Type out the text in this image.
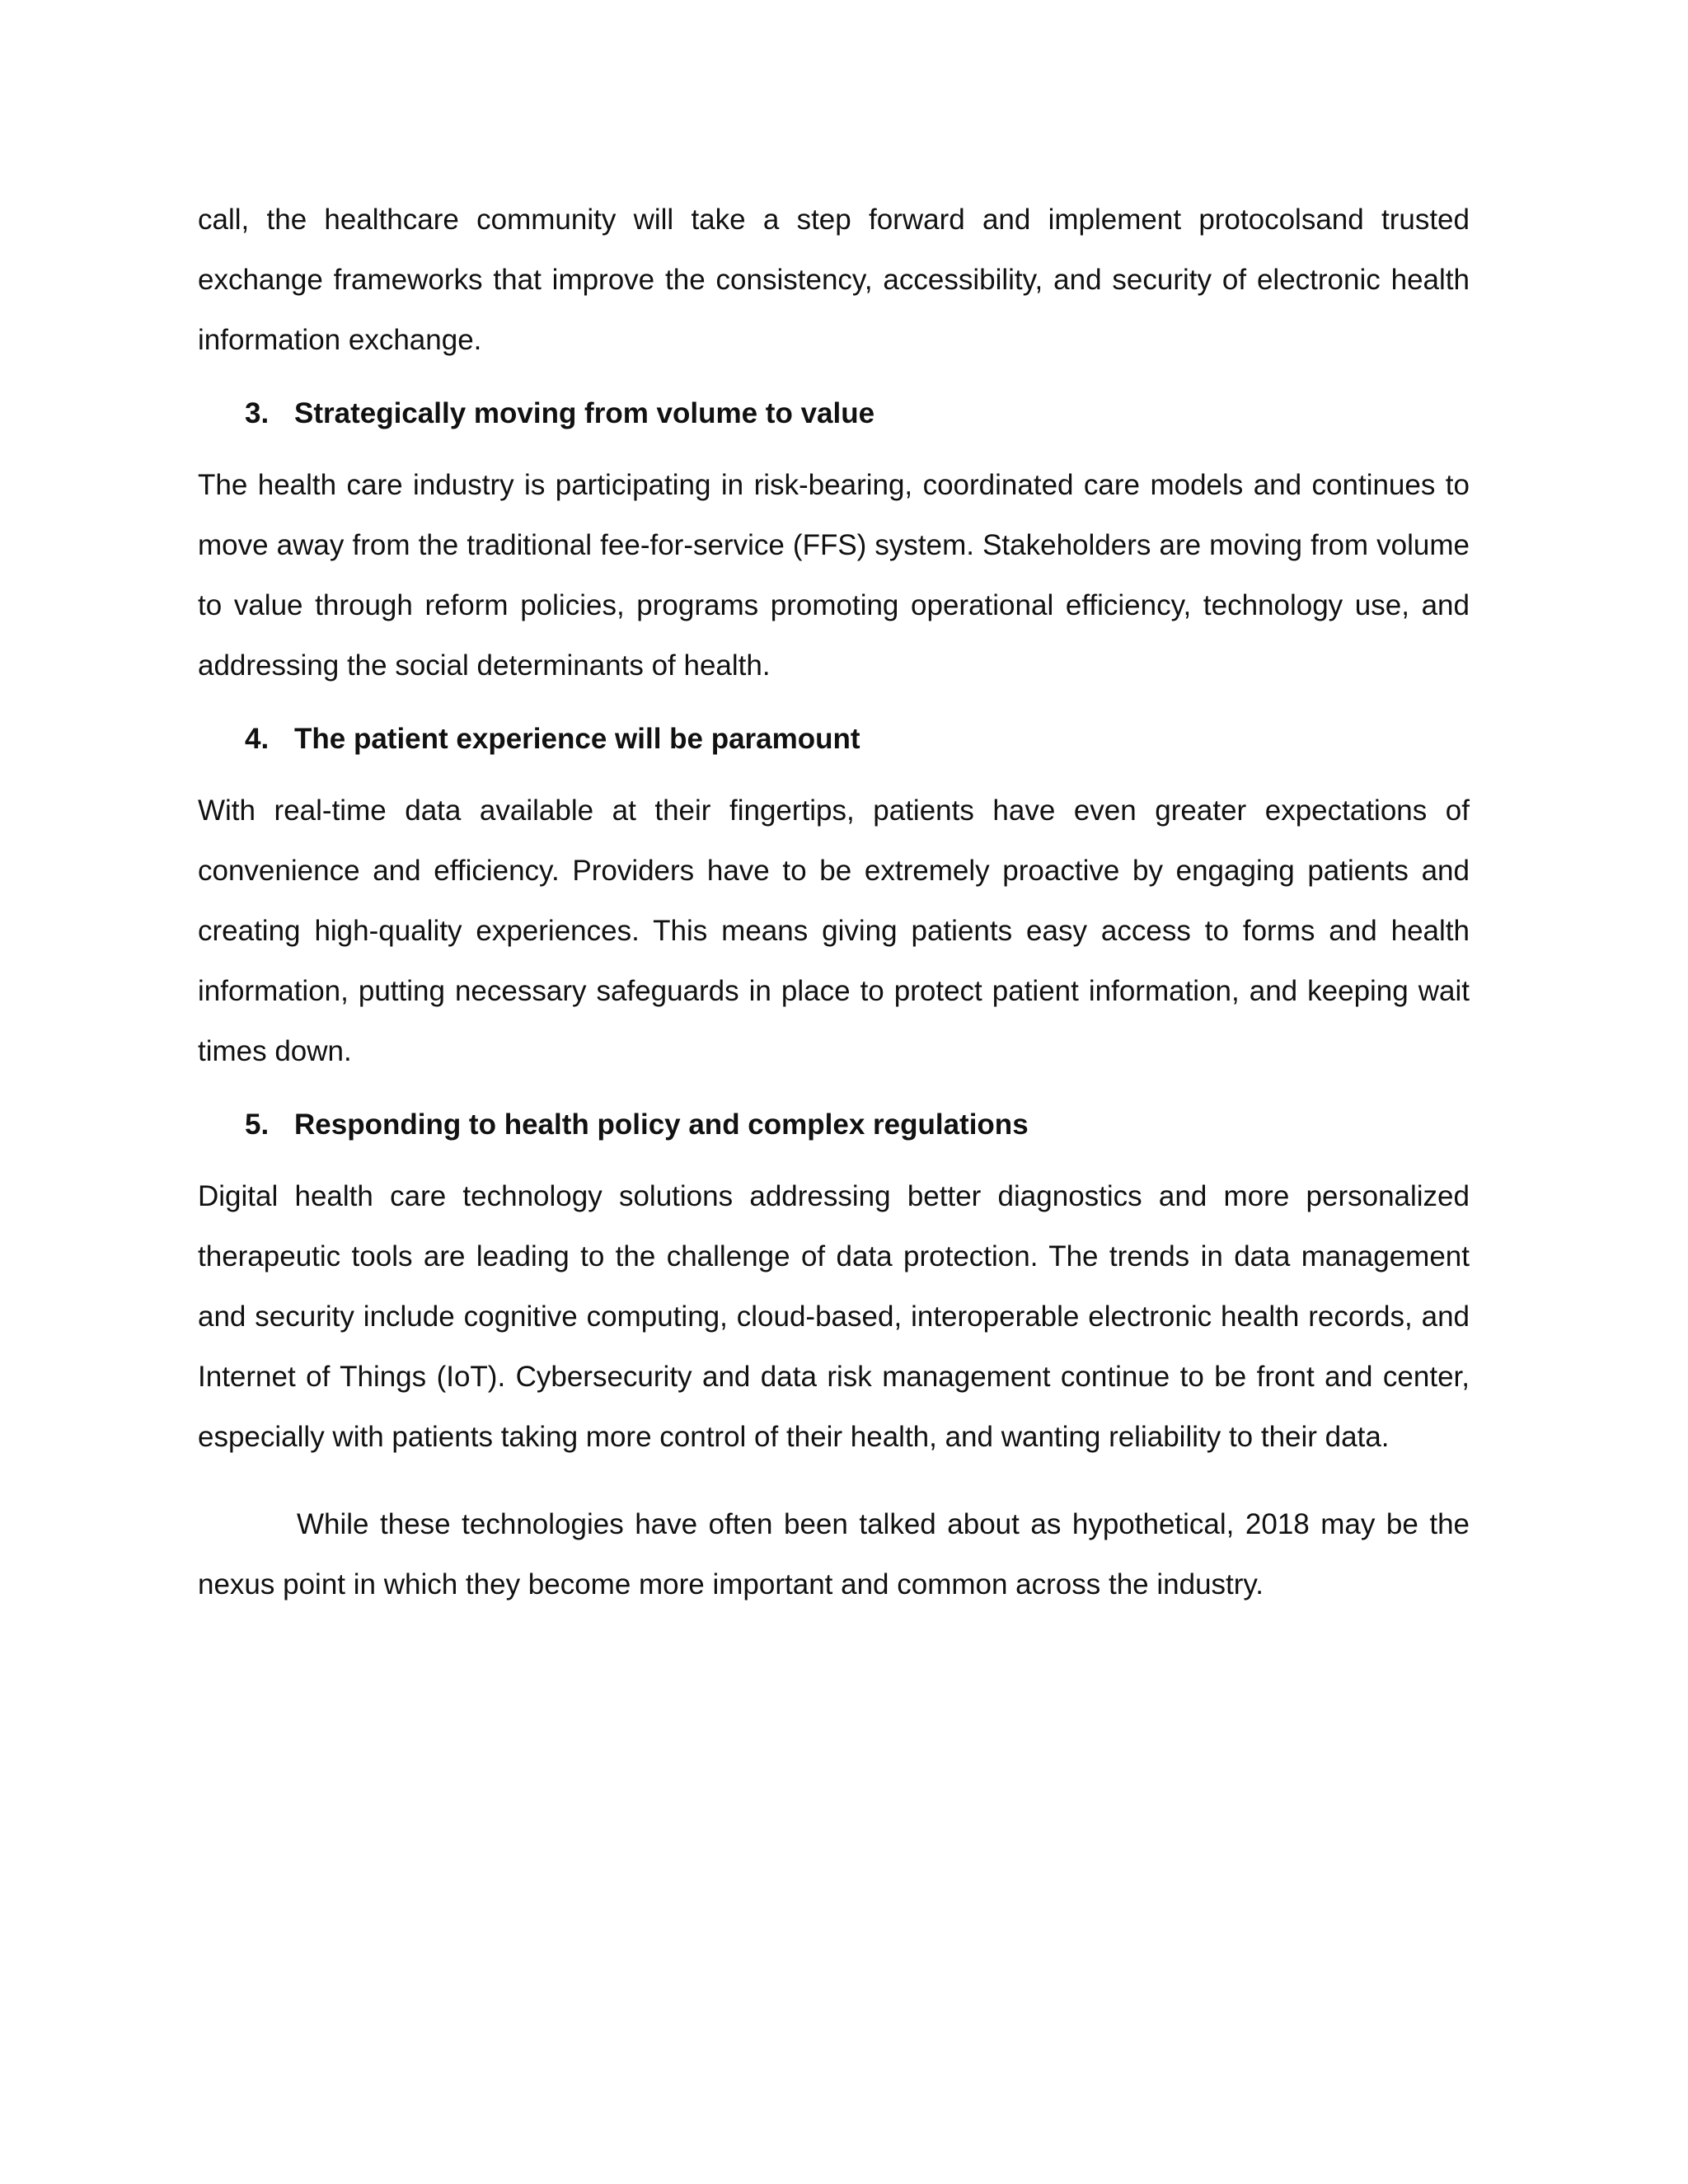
call, the healthcare community will take a step forward and implement protocolsand trusted exchange frameworks that improve the consistency, accessibility, and security of electronic health information exchange.

3. Strategically moving from volume to value

The health care industry is participating in risk-bearing, coordinated care models and continues to move away from the traditional fee-for-service (FFS) system. Stakeholders are moving from volume to value through reform policies, programs promoting operational efficiency, technology use, and addressing the social determinants of health.

4. The patient experience will be paramount

With real-time data available at their fingertips, patients have even greater expectations of convenience and efficiency. Providers have to be extremely proactive by engaging patients and creating high-quality experiences. This means giving patients easy access to forms and health information, putting necessary safeguards in place to protect patient information, and keeping wait times down.

5. Responding to health policy and complex regulations

Digital health care technology solutions addressing better diagnostics and more personalized therapeutic tools are leading to the challenge of data protection. The trends in data management and security include cognitive computing, cloud-based, interoperable electronic health records, and Internet of Things (IoT). Cybersecurity and data risk management continue to be front and center, especially with patients taking more control of their health, and wanting reliability to their data.

While these technologies have often been talked about as hypothetical, 2018 may be the nexus point in which they become more important and common across the industry.
